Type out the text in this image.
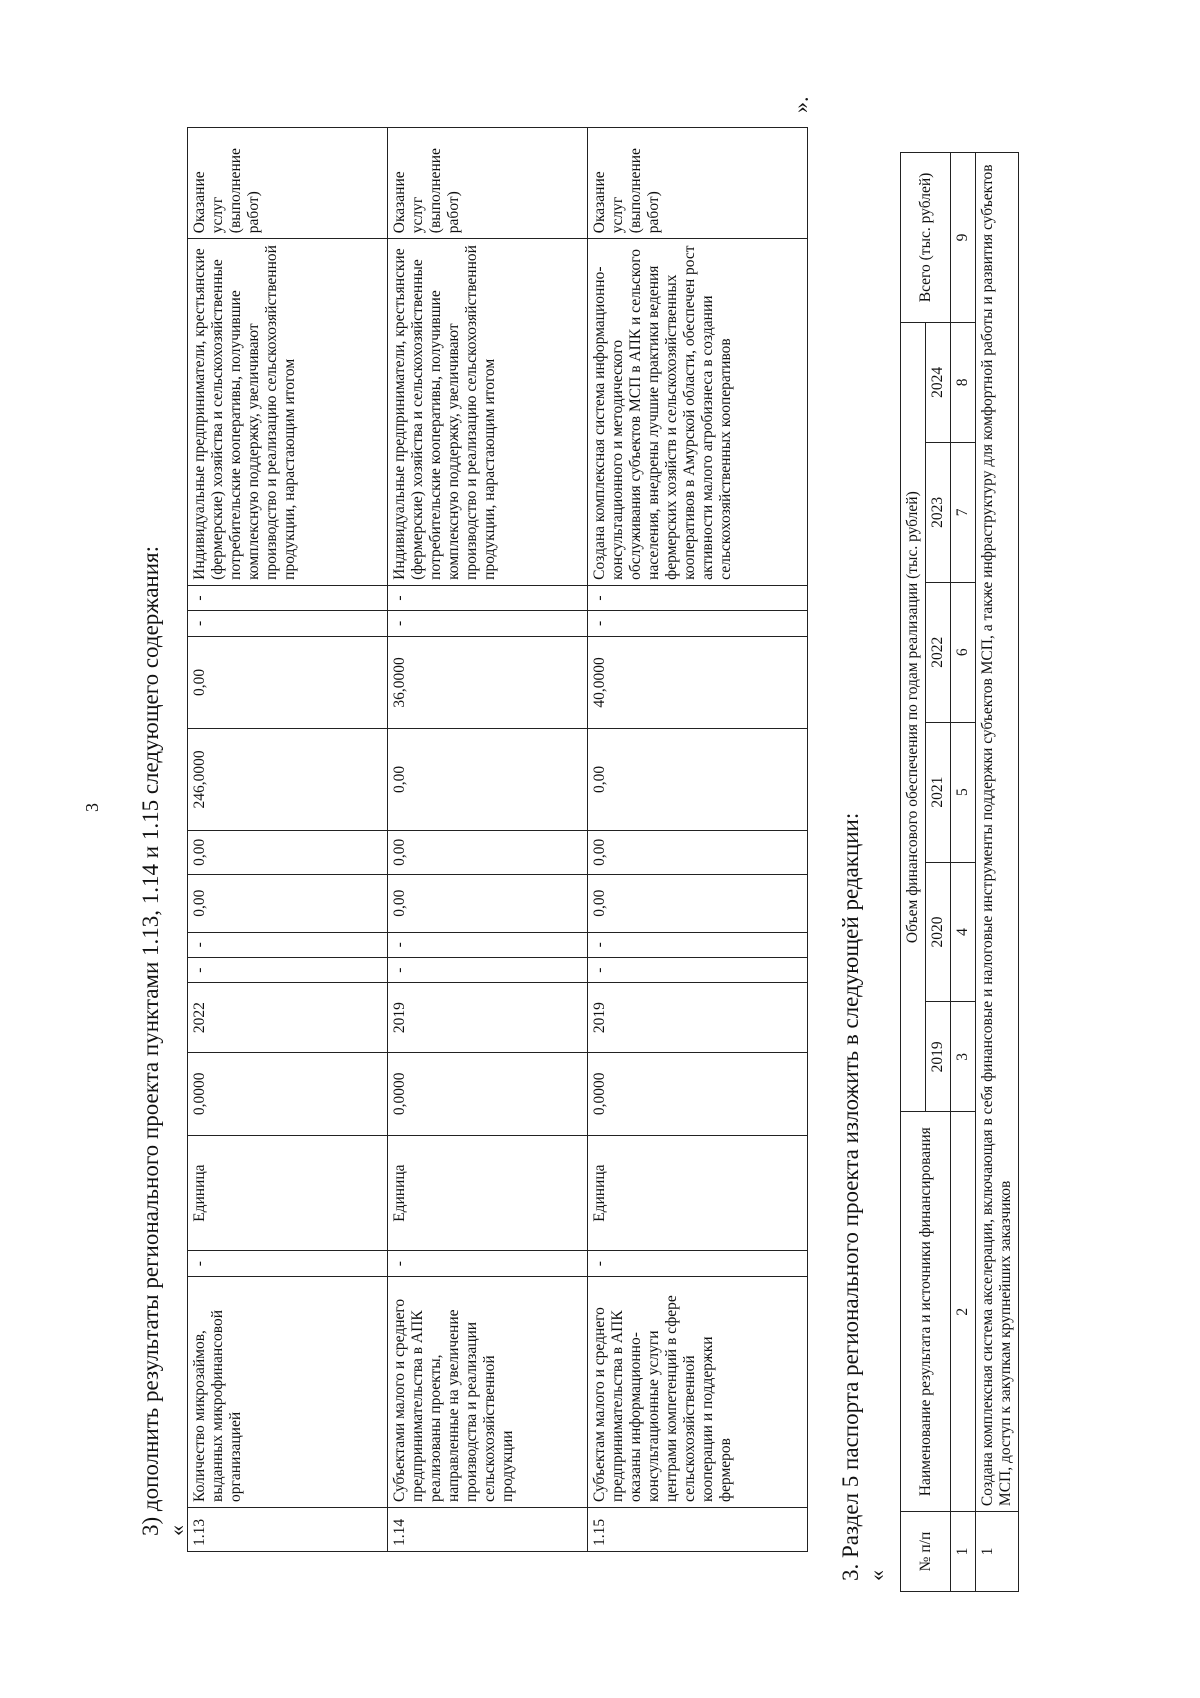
3 3) дополнить результаты регионального проекта пунктами 1.13, 1.14 и 1.15 следующего содержания:
« 1.13	Количество микрозаймов, выданных микрофинансовой организацией	-	Единица	0,0000	2022	-	-	0,00	0,00	246,0000	0,00	-	-	Индивидуальные предприниматели, крестьянские (фермерские) хозяйства и сельскохозяйственные потребительские кооперативы, получившие комплексную поддержку, увеличивают производство и реализацию сельскохозяйственной продукции, нарастающим итогом	Оказание услуг (выполнение работ)
1.14	Субъектами малого и среднего предпринимательства в АПК реализованы проекты, направленные на увеличение производства и реализации сельскохозяйственной продукции	-	Единица	0,0000	2019	-	-	0,00	0,00	0,00	36,0000	-	-	Индивидуальные предприниматели, крестьянские (фермерские) хозяйства и сельскохозяйственные потребительские кооперативы, получившие комплексную поддержку, увеличивают производство и реализацию сельскохозяйственной продукции, нарастающим итогом	Оказание услуг (выполнение работ)
1.15	Субъектам малого и среднего предпринимательства в АПК оказаны информационно-консультационные услуги центрами компетенций в сфере сельскохозяйственной кооперации и поддержки фермеров	-	Единица	0,0000	2019	-	-	0,00	0,00	0,00	40,0000	-	-	Создана комплексная система информационно-консультационного и методического обслуживания субъектов МСП в АПК и сельского населения, внедрены лучшие практики ведения фермерских хозяйств и сельскохозяйственных кооперативов в Амурской области, обеспечен рост активности малого агробизнеса в создании сельскохозяйственных кооперативов	Оказание услуг (выполнение работ)
».
3. Раздел 5 паспорта регионального проекта изложить в следующей редакции:
«
№ п/п	Наименование результата и источники финансирования	Объем финансового обеспечения по годам реализации (тыс. рублей)						Всего (тыс. рублей)
		2019	2020	2021	2022	2023	2024	
1	2	3	4	5	6	7	8	9
1	Создана комплексная система акселерации, включающая в себя финансовые и налоговые инструменты поддержки субъектов МСП, а также инфраструктуру для комфортной работы и развития субъектов МСП, доступ к закупкам крупнейших заказчиков							
